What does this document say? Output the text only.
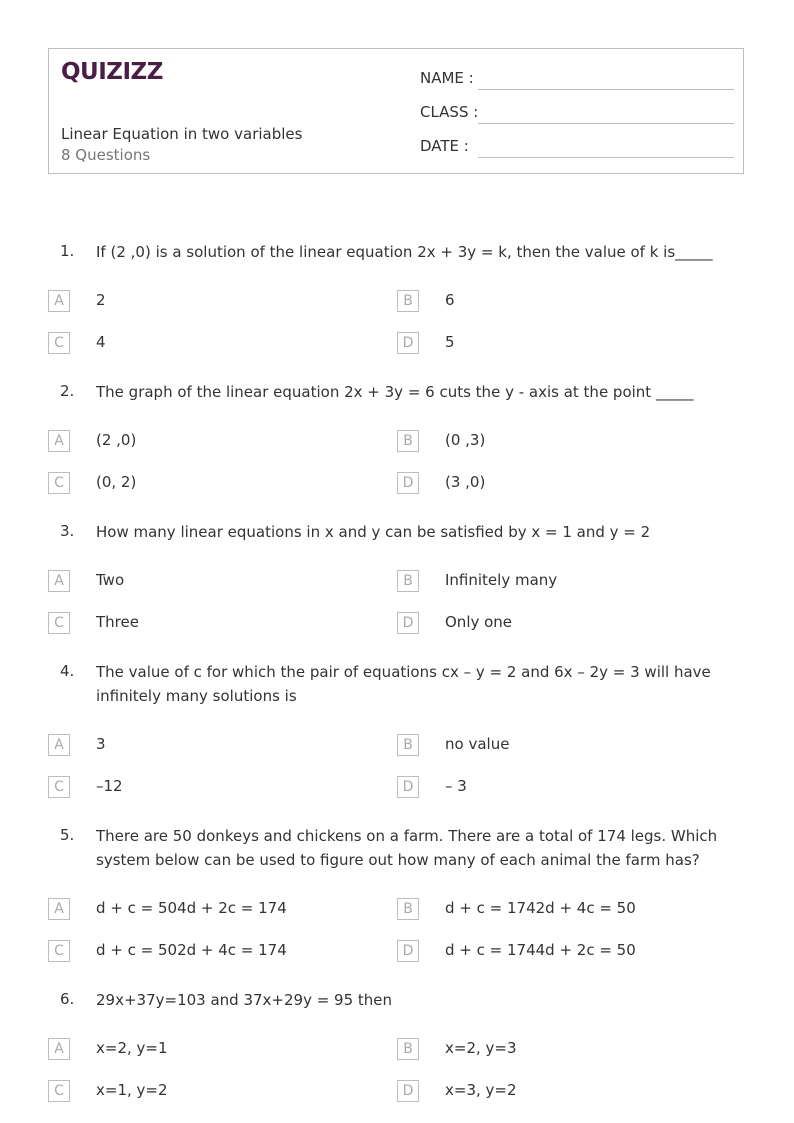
QUIZIZZ
Linear Equation in two variables
8 Questions
NAME :
CLASS :
DATE :
1. If (2 ,0) is a solution of the linear equation 2x + 3y = k, then the value of k is_____
A	2	B	6
C	4	D	5
2. The graph of the linear equation 2x + 3y = 6 cuts the y - axis at the point _____
A	(2 ,0)	B	(0 ,3)
C	(0, 2)	D	(3 ,0)
3. How many linear equations in x and y can be satisfied by x = 1 and y = 2
A	Two	B	Infinitely many
C	Three	D	Only one
4. The value of c for which the pair of equations cx – y = 2 and 6x – 2y = 3 will have infinitely many solutions is
A	3	B	no value
C	–12	D	– 3
5. There are 50 donkeys and chickens on a farm. There are a total of 174 legs. Which system below can be used to figure out how many of each animal the farm has?
A	d + c = 504d + 2c = 174	B	d + c = 1742d + 4c = 50
C	d + c = 502d + 4c = 174	D	d + c = 1744d + 2c = 50
6. 29x+37y=103 and 37x+29y = 95 then
A	x=2, y=1	B	x=2, y=3
C	x=1, y=2	D	x=3, y=2
